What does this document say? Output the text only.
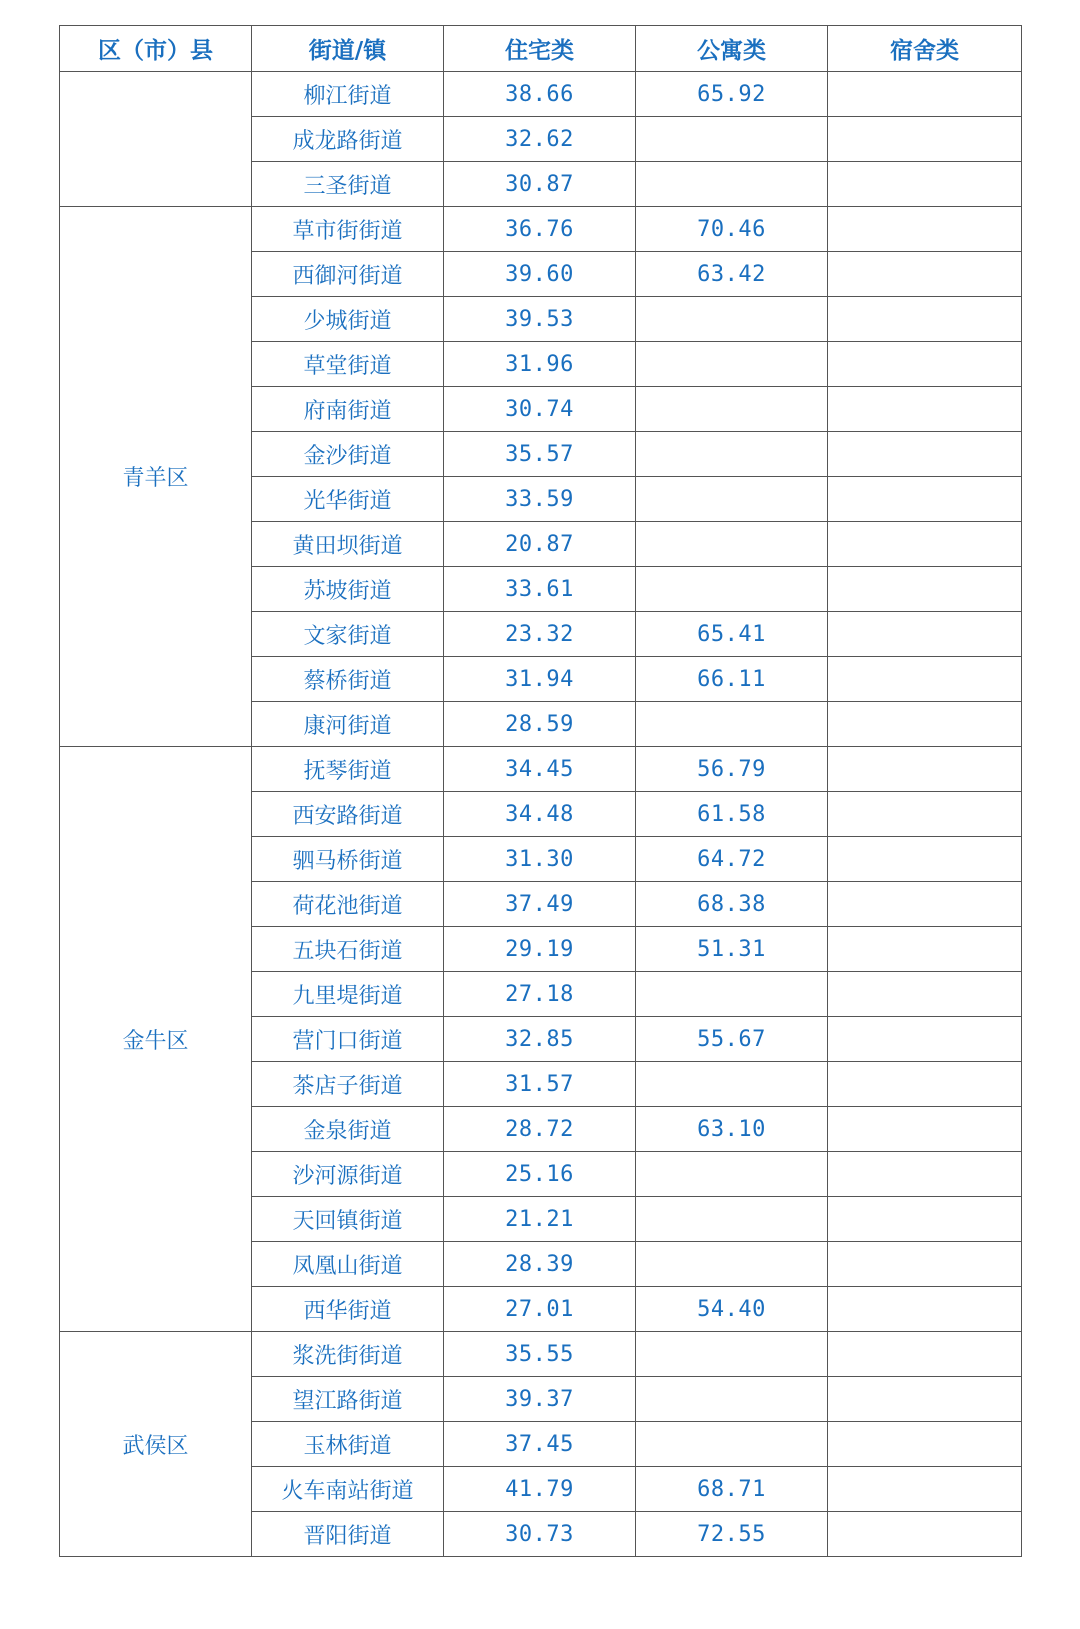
区（市）县	街道/镇	住宅类	公寓类	宿舍类
	柳江街道	38.66	65.92	
	成龙路街道	32.62		
	三圣街道	30.87		
青羊区	草市街街道	36.76	70.46	
	西御河街道	39.60	63.42	
	少城街道	39.53		
	草堂街道	31.96		
	府南街道	30.74		
	金沙街道	35.57		
	光华街道	33.59		
	黄田坝街道	20.87		
	苏坡街道	33.61		
	文家街道	23.32	65.41	
	蔡桥街道	31.94	66.11	
	康河街道	28.59		
金牛区	抚琴街道	34.45	56.79	
	西安路街道	34.48	61.58	
	驷马桥街道	31.30	64.72	
	荷花池街道	37.49	68.38	
	五块石街道	29.19	51.31	
	九里堤街道	27.18		
	营门口街道	32.85	55.67	
	茶店子街道	31.57		
	金泉街道	28.72	63.10	
	沙河源街道	25.16		
	天回镇街道	21.21		
	凤凰山街道	28.39		
	西华街道	27.01	54.40	
武侯区	浆洗街街道	35.55		
	望江路街道	39.37		
	玉林街道	37.45		
	火车南站街道	41.79	68.71	
	晋阳街道	30.73	72.55	
